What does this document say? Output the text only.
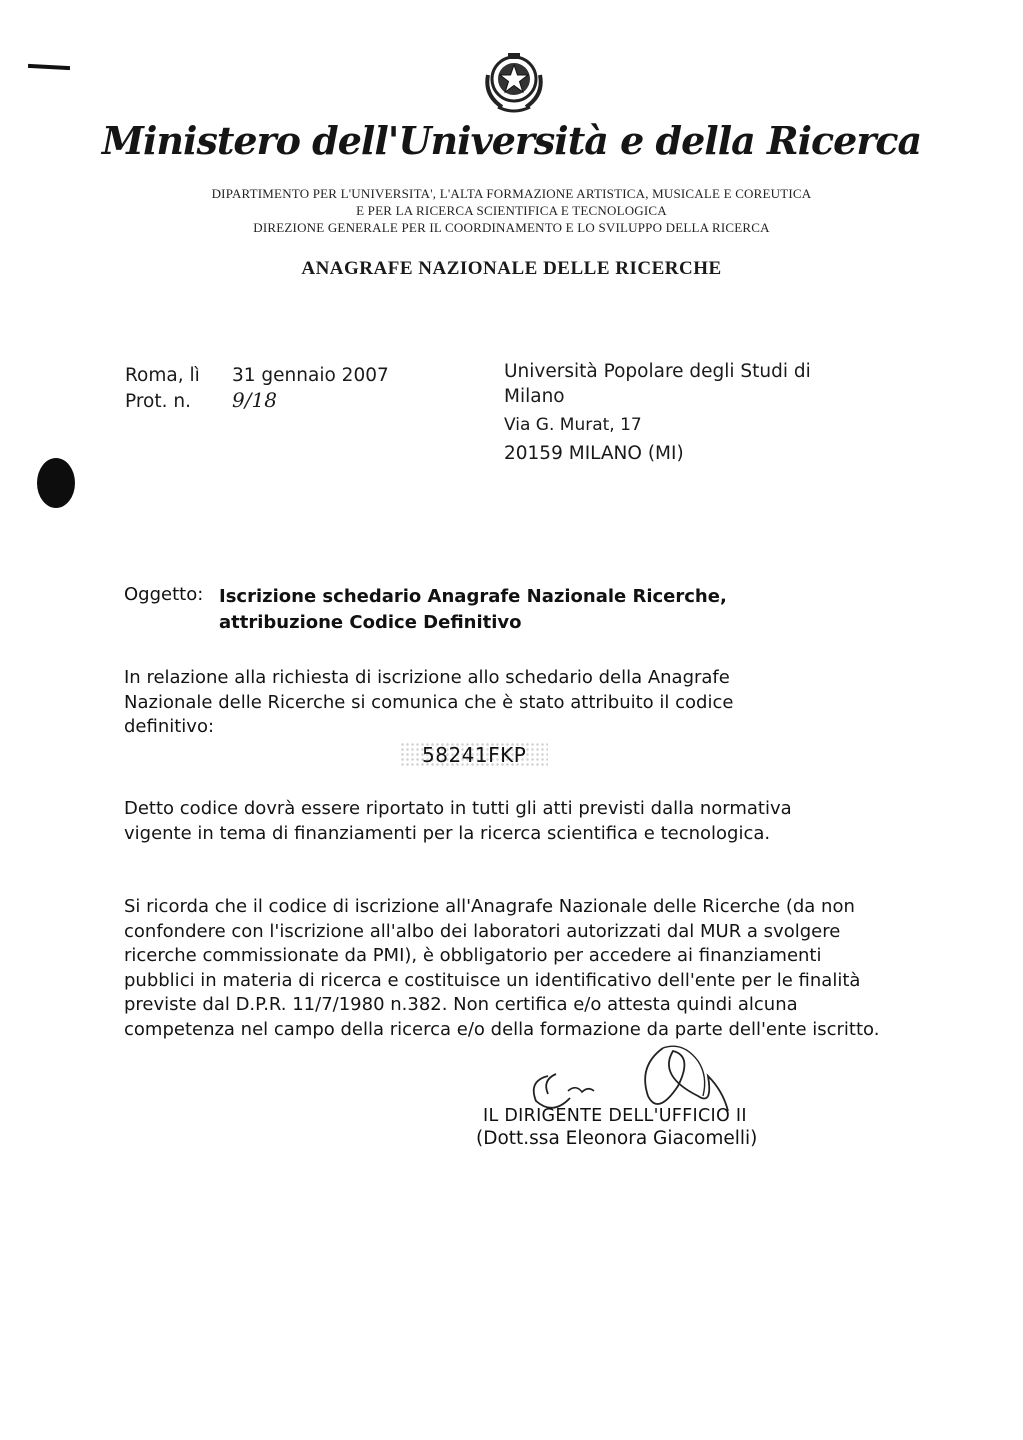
Ministero dell'Università e della Ricerca
DIPARTIMENTO PER L'UNIVERSITA', L'ALTA FORMAZIONE ARTISTICA, MUSICALE E COREUTICA
E PER LA RICERCA SCIENTIFICA E TECNOLOGICA
DIREZIONE GENERALE PER IL COORDINAMENTO E LO SVILUPPO DELLA RICERCA
ANAGRAFE NAZIONALE DELLE RICERCHE
Roma, lì 31 gennaio 2007
Prot. n. 9/18
Università Popolare degli Studi di
Milano
Via G. Murat, 17
20159 MILANO (MI)
Oggetto: Iscrizione schedario Anagrafe Nazionale Ricerche, attribuzione Codice Definitivo
In relazione alla richiesta di iscrizione allo schedario della Anagrafe Nazionale delle Ricerche si comunica che è stato attribuito il codice definitivo:
58241FKP
Detto codice dovrà essere riportato in tutti gli atti previsti dalla normativa vigente in tema di finanziamenti per la ricerca scientifica e tecnologica.
Si ricorda che il codice di iscrizione all'Anagrafe Nazionale delle Ricerche (da non confondere con l'iscrizione all'albo dei laboratori autorizzati dal MUR a svolgere ricerche commissionate da PMI), è obbligatorio per accedere ai finanziamenti pubblici in materia di ricerca e costituisce un identificativo dell'ente per le finalità previste dal D.P.R. 11/7/1980 n.382. Non certifica e/o attesta quindi alcuna competenza nel campo della ricerca e/o della formazione da parte dell'ente iscritto.
IL DIRIGENTE DELL'UFFICIO II
(Dott.ssa Eleonora Giacomelli)
